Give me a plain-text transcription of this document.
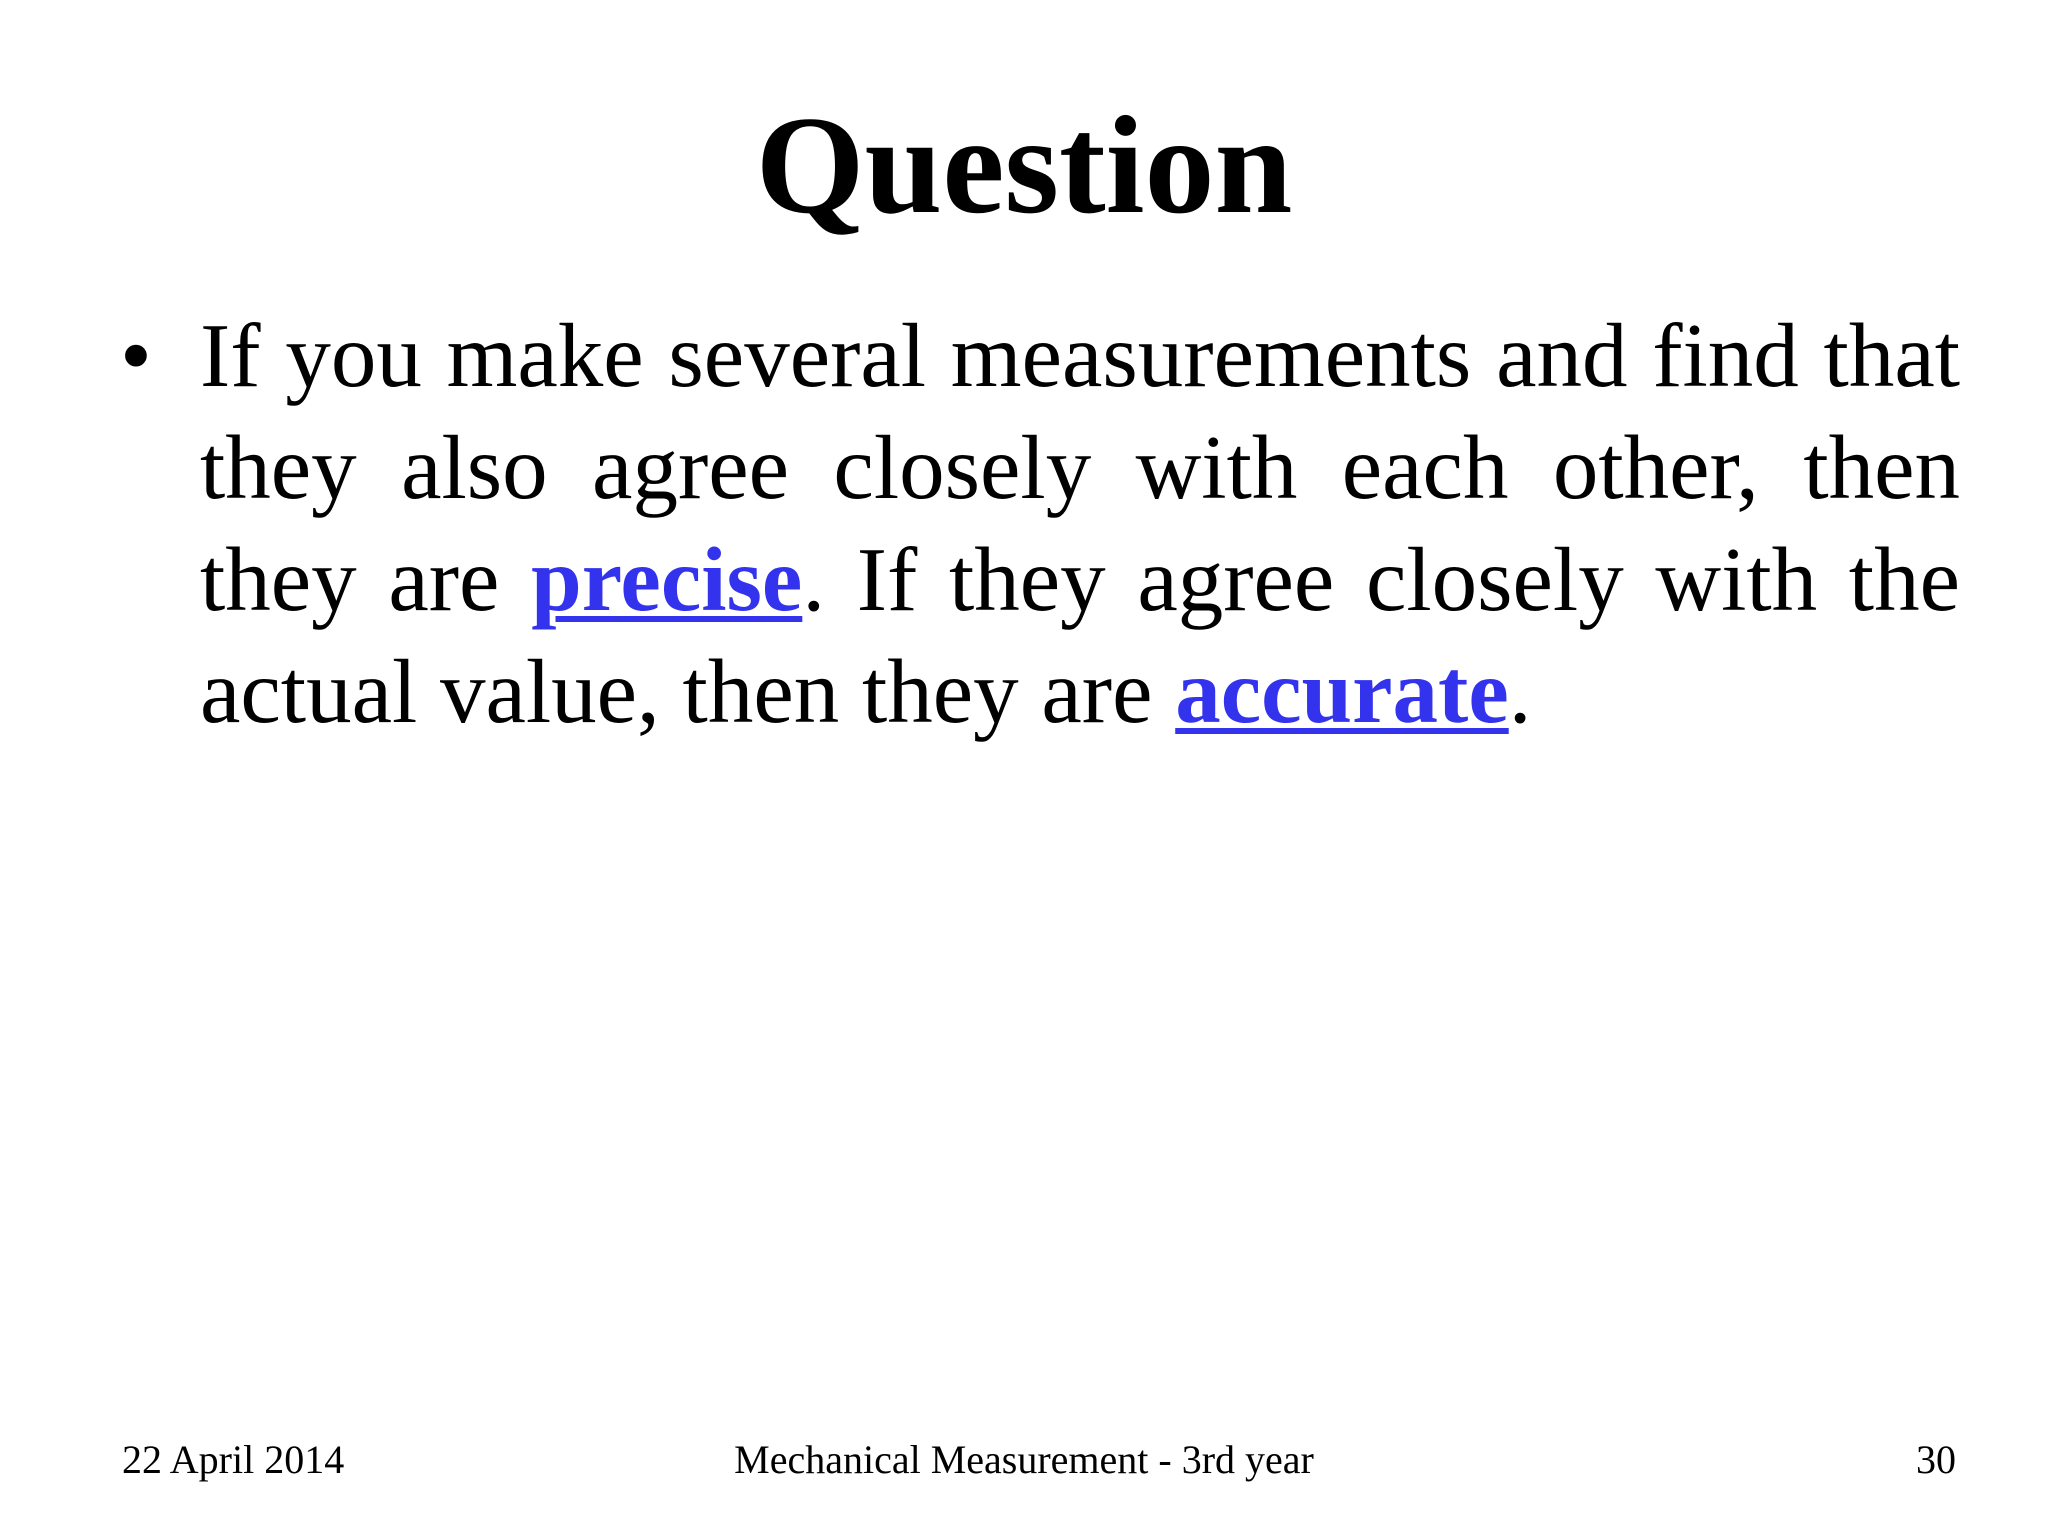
Question
• If you make several measurements and find that they also agree closely with each other, then they are precise. If they agree closely with the actual value, then they are accurate.
22 April 2014	Mechanical Measurement - 3rd year	30
